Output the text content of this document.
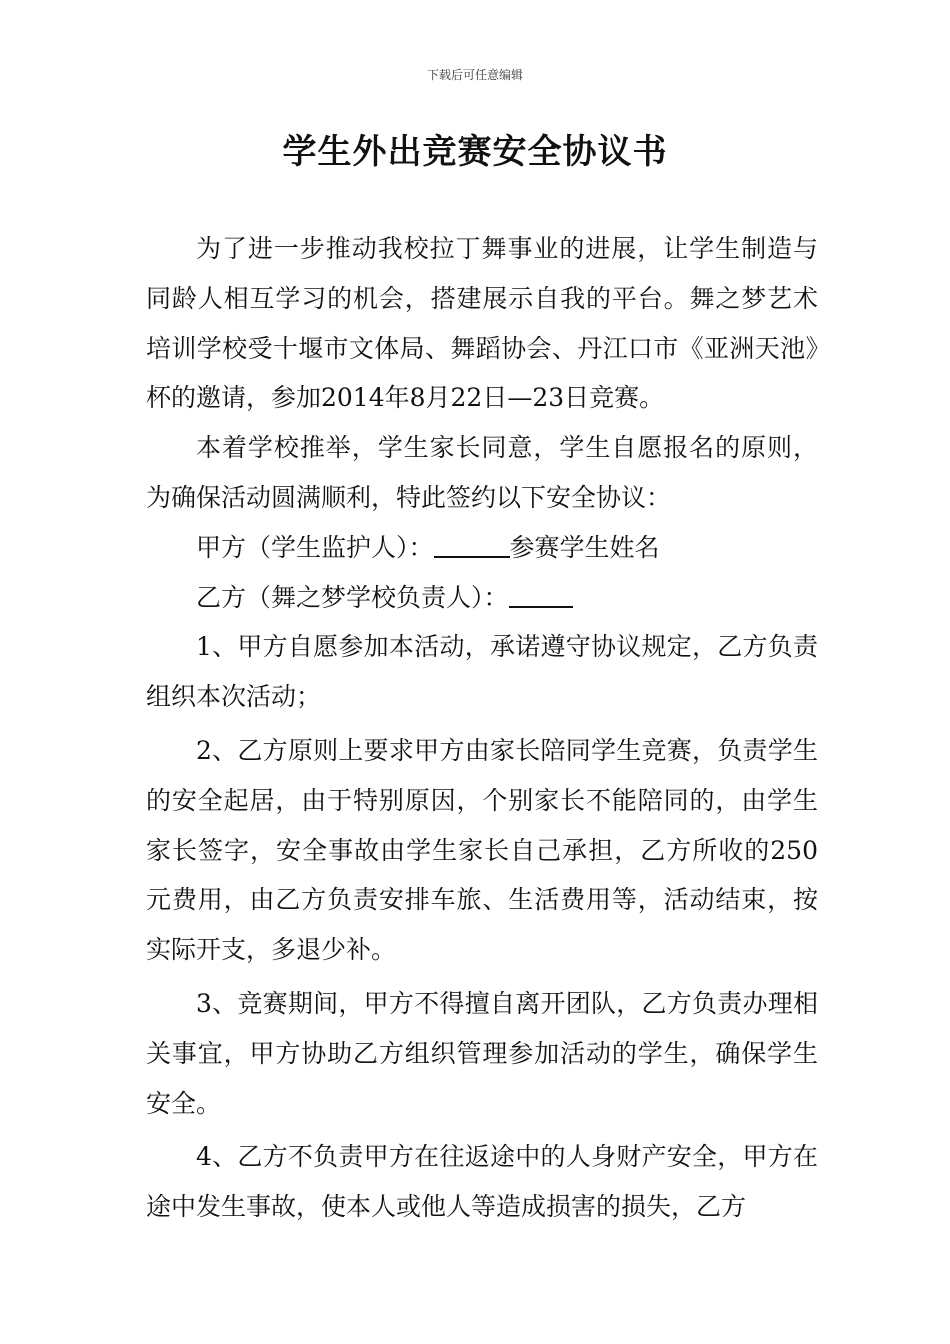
下载后可任意编辑
学生外出竞赛安全协议书

为了进一步推动我校拉丁舞事业的进展，让学生制造与同龄人相互学习的机会，搭建展示自我的平台。舞之梦艺术培训学校受十堰市文体局、舞蹈协会、丹江口市《亚洲天池》杯的邀请，参加2014年8月22日—23日竞赛。

本着学校推举，学生家长同意，学生自愿报名的原则，为确保活动圆满顺利，特此签约以下安全协议：

甲方（学生监护人）：	参赛学生姓名

乙方（舞之梦学校负责人）：

1、甲方自愿参加本活动，承诺遵守协议规定，乙方负责组织本次活动；

2、乙方原则上要求甲方由家长陪同学生竞赛，负责学生的安全起居，由于特别原因，个别家长不能陪同的，由学生家长签字，安全事故由学生家长自己承担，乙方所收的250元费用，由乙方负责安排车旅、生活费用等，活动结束，按实际开支，多退少补。

3、竞赛期间，甲方不得擅自离开团队，乙方负责办理相关事宜，甲方协助乙方组织管理参加活动的学生，确保学生安全。

4、乙方不负责甲方在往返途中的人身财产安全，甲方在途中发生事故，使本人或他人等造成损害的损失，乙方
